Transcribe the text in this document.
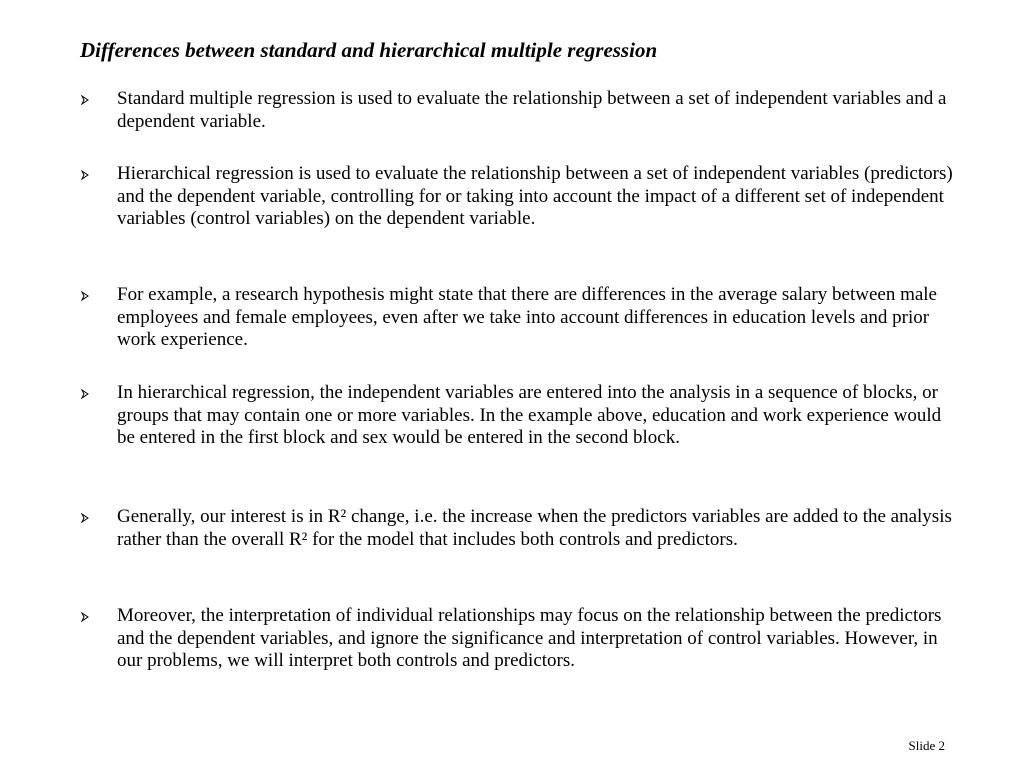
Differences between standard and hierarchical multiple regression
Standard multiple regression is used to evaluate the relationship between a set of independent variables and a dependent variable.
Hierarchical regression is used to evaluate the relationship between a set of independent variables (predictors) and the dependent variable, controlling for or taking into account the impact of a different set of independent variables (control variables) on the dependent variable.
For example, a research hypothesis might state that there are differences in the average salary between male employees and female employees, even after we take into account differences in education levels and prior work experience.
In hierarchical regression, the independent variables are entered into the analysis in a sequence of blocks, or groups that may contain one or more variables. In the example above, education and work experience would be entered in the first block and sex would be entered in the second block.
Generally, our interest is in R² change, i.e. the increase when the predictors variables are added to the analysis rather than the overall R² for the model that includes both controls and predictors.
Moreover, the interpretation of individual relationships may focus on the relationship between the predictors and the dependent variables, and ignore the significance and interpretation of control variables. However, in our problems, we will interpret both controls and predictors.
Slide 2
